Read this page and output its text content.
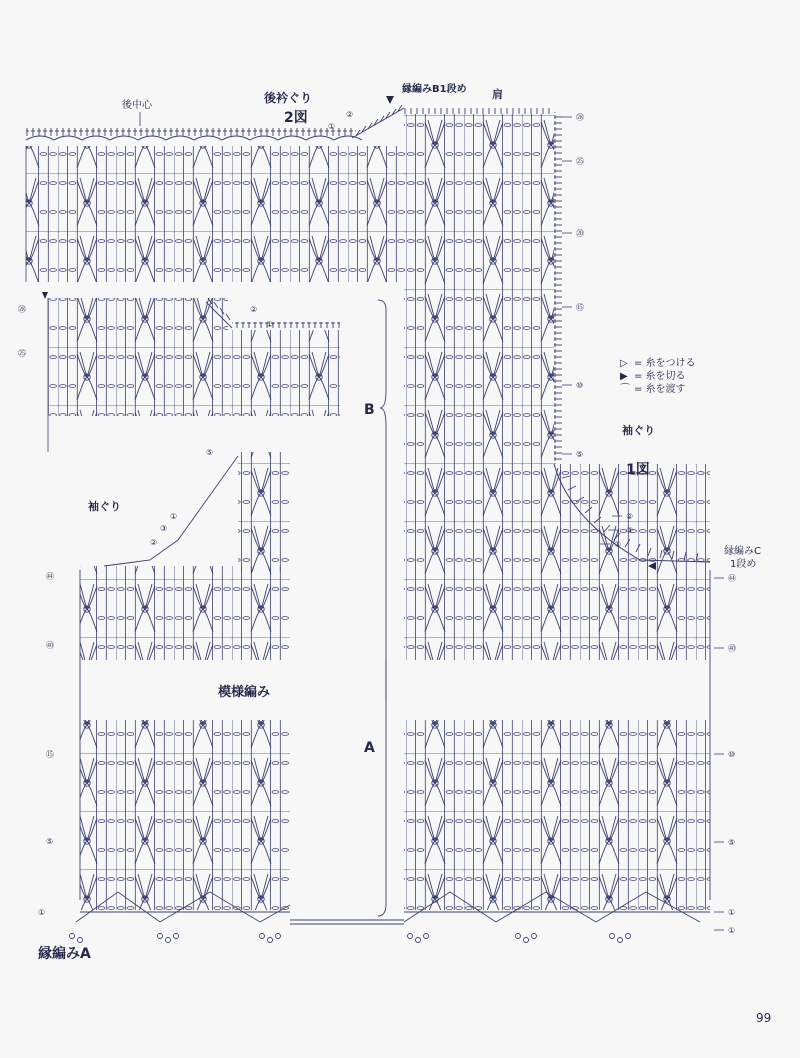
後中心
後衿ぐり
2図
縁編みB1段め 肩
袖ぐり
袖ぐり
1図
模様編み
縁編みC
1段め
縁編みA
B
A
99
▷ = 糸をつける
▶ = 糸を切る
⌒ = 糸を渡す
㉘
㉕
⑳
⑮
⑩
⑤
③
②
①
㊹
㊵
⑩
⑤
①
①
㉘
㉕
⑤
①
②
③
㊹
㊵
⑮
⑤
①
②
①
②
①
